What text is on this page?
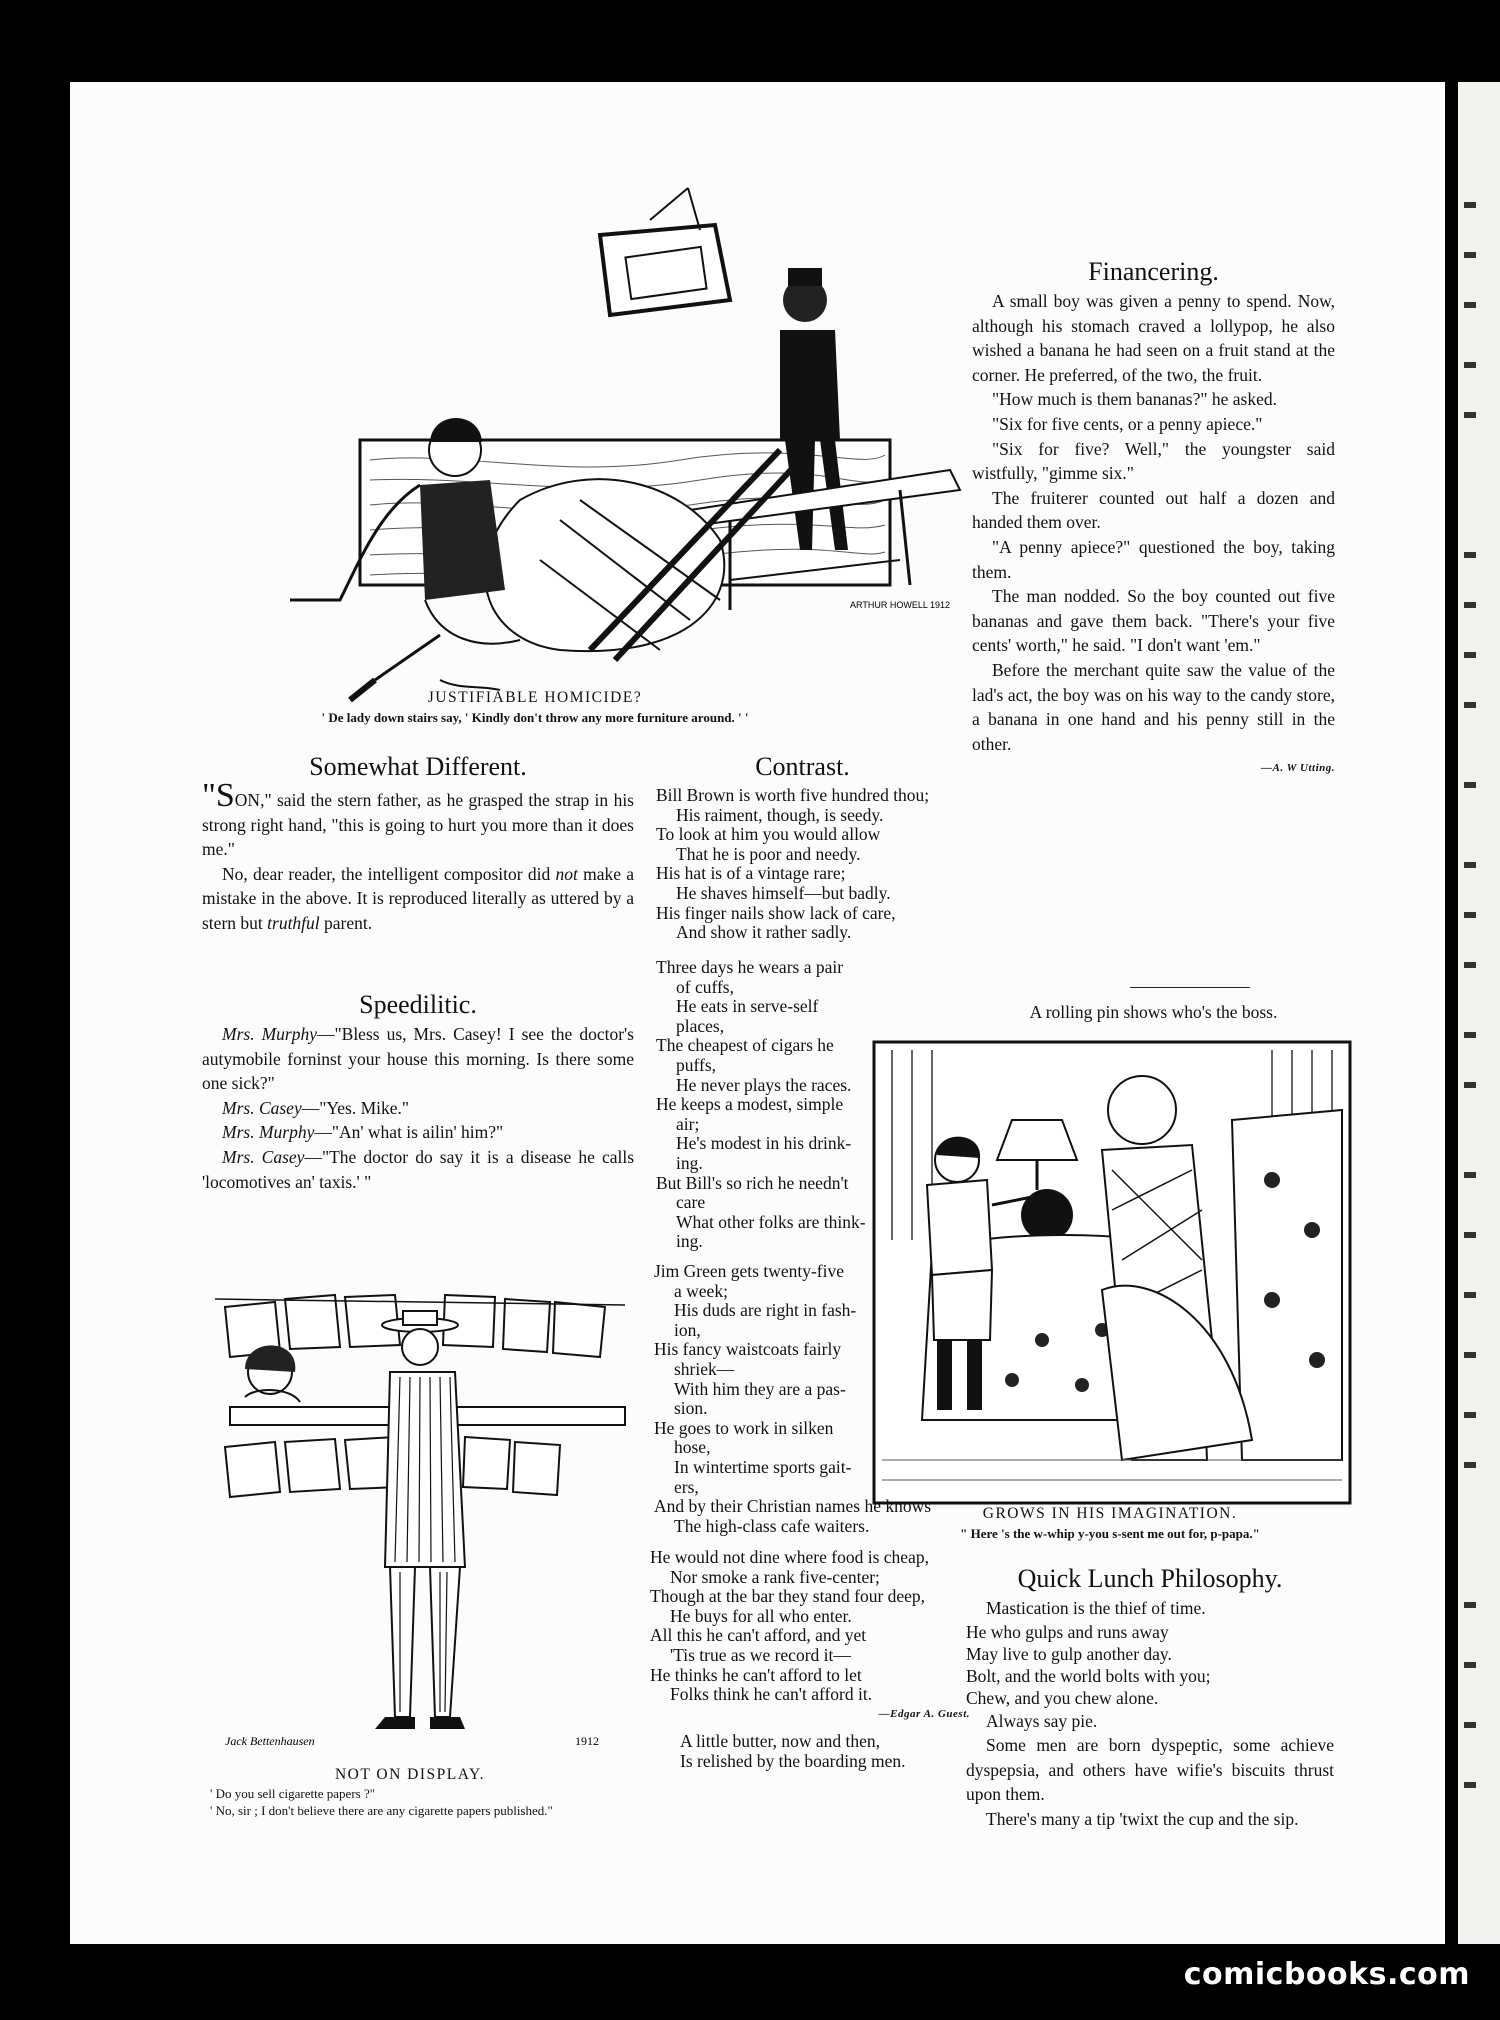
ARTHUR HOWELL 1912
JUSTIFIABLE HOMICIDE?
' De lady down stairs say, ' Kindly don't throw any more furniture around. ' '
Financering.

A small boy was given a penny to spend. Now, although his stomach craved a lollypop, he also wished a banana he had seen on a fruit stand at the corner. He preferred, of the two, the fruit.

"How much is them bananas?" he asked.

"Six for five cents, or a penny apiece."

"Six for five? Well," the youngster said wistfully, "gimme six."

The fruiterer counted out half a dozen and handed them over.

"A penny apiece?" questioned the boy, taking them.

The man nodded. So the boy counted out five bananas and gave them back. "There's your five cents' worth," he said. "I don't want 'em."

Before the merchant quite saw the value of the lad's act, the boy was on his way to the candy store, a banana in one hand and his penny still in the other.

—A. W Utting.
A rolling pin shows who's the boss.
GROWS IN HIS IMAGINATION.
" Here 's the w-whip y-you s-sent me out for, p-papa."
Quick Lunch Philosophy.

Mastication is the thief of time.

He who gulps and runs away
May live to gulp another day.
Bolt, and the world bolts with you;
Chew, and you chew alone.

Always say pie.

Some men are born dyspeptic, some achieve dyspepsia, and others have wifie's biscuits thrust upon them.

There's many a tip 'twixt the cup and the sip.

Somewhat Different.

"SON," said the stern father, as he grasped the strap in his strong right hand, "this is going to hurt you more than it does me."

No, dear reader, the intelligent compositor did not make a mistake in the above. It is reproduced literally as uttered by a stern but truthful parent.

Speedilitic.

Mrs. Murphy—"Bless us, Mrs. Casey! I see the doctor's autymobile forninst your house this morning. Is there some one sick?"

Mrs. Casey—"Yes. Mike."

Mrs. Murphy—"An' what is ailin' him?"

Mrs. Casey—"The doctor do say it is a disease he calls 'locomotives an' taxis.' "

Jack Bettenhausen	1912
NOT ON DISPLAY.
' Do you sell cigarette papers ?"
' No, sir ; I don't believe there are any cigarette papers published."
Contrast.
Bill Brown is worth five hundred thou;
His raiment, though, is seedy.
To look at him you would allow
That he is poor and needy.
His hat is of a vintage rare;
He shaves himself—but badly.
His finger nails show lack of care,
And show it rather sadly.
Three days he wears a pair
of cuffs,
He eats in serve-self
places,
The cheapest of cigars he
puffs,
He never plays the races.
He keeps a modest, simple
air;
He's modest in his drink-
ing.
But Bill's so rich he needn't
care
What other folks are think-
ing.
Jim Green gets twenty-five
a week;
His duds are right in fash-
ion,
His fancy waistcoats fairly
shriek—
With him they are a pas-
sion.
He goes to work in silken
hose,
In wintertime sports gait-
ers,
And by their Christian names he knows
The high-class cafe waiters.
He would not dine where food is cheap,
Nor smoke a rank five-center;
Though at the bar they stand four deep,
He buys for all who enter.
All this he can't afford, and yet
'Tis true as we record it—
He thinks he can't afford to let
Folks think he can't afford it.
—Edgar A. Guest.
A little butter, now and then,
Is relished by the boarding men.
comicbooks.com
